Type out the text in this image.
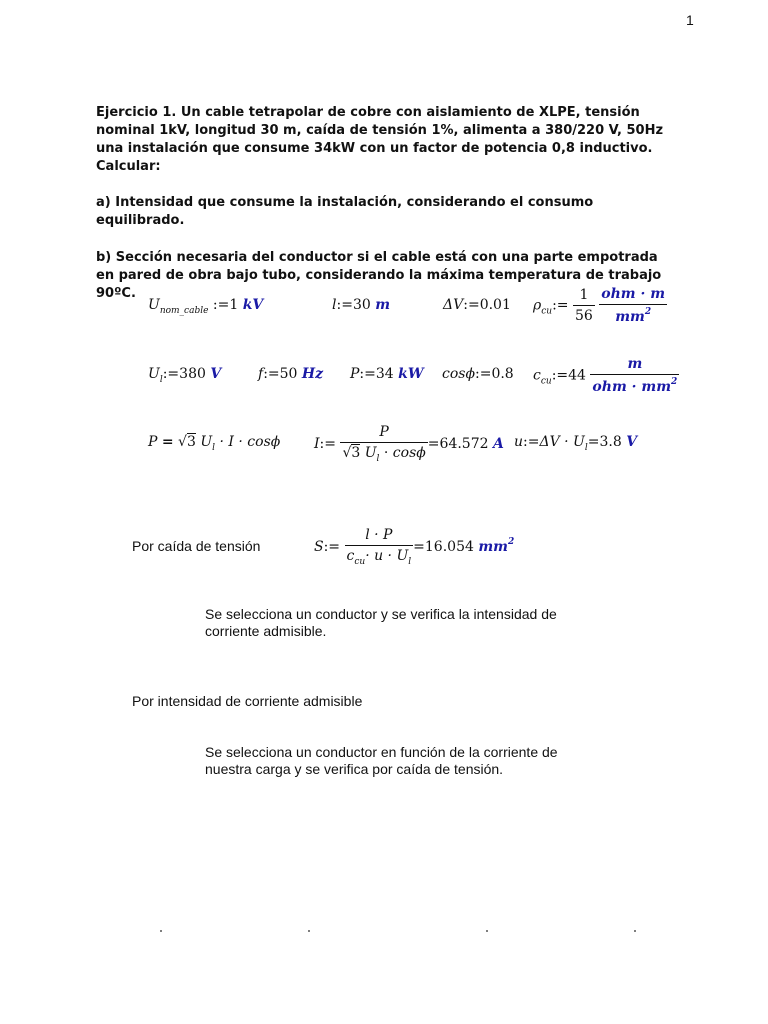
1
Ejercicio 1. Un cable tetrapolar de cobre con aislamiento de XLPE, tensión nominal 1kV, longitud 30 m, caída de tensión 1%, alimenta a 380/220 V, 50Hz una instalación que consume 34kW con un factor de potencia 0,8 inductivo. Calcular:
a) Intensidad que consume la instalación, considerando el consumo equilibrado.
b) Sección necesaria del conductor si el cable está con una parte empotrada en pared de obra bajo tubo, considerando la máxima temperatura de trabajo 90ºC.
$U_{nom\_cable}$ :=1 kV	l:=30 m	ΔV:=0.01 $\rho_{cu}:= \frac{1}{56}$
$\frac{\text{ohm · m}}{mm^2}$
$U_l:=380$ V	f:=50 Hz P:=34 kW cosϕ:=0.8 $c_{cu}:=44 \frac{m}{ohm \cdot mm^2}$
P = √3 $U_l \cdot I \cdot \cos\phi$ I:= $\frac{P}{√3 U_l \cdot \cos\phi} =64.572$ A u:=ΔV · $U_l=3.8$ V
Por caída de tensión	S:= $\frac{l \cdot P}{c_{cu}\cdot u \cdot U_l} =16.054$ $mm^2$
Se selecciona un conductor y se verifica la intensidad de corriente admisible.
Por intensidad de corriente admisible
Se selecciona un conductor en función de la corriente de nuestra carga y se verifica por caída de tensión.
